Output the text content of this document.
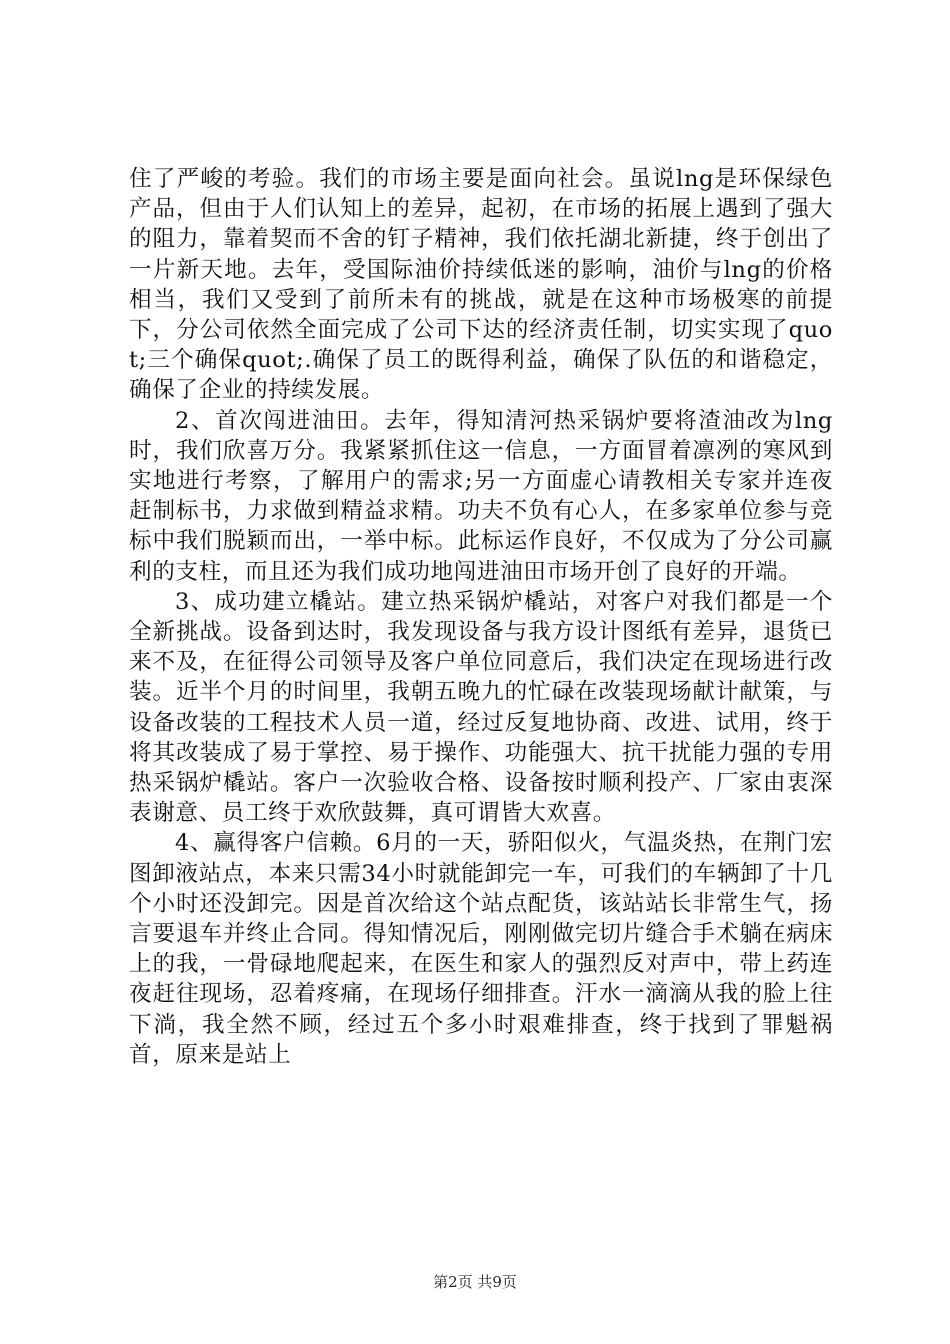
住了严峻的考验。我们的市场主要是面向社会。虽说lng是环保绿色产品，但由于人们认知上的差异，起初，在市场的拓展上遇到了强大的阻力，靠着契而不舍的钉子精神，我们依托湖北新捷，终于创出了一片新天地。去年，受国际油价持续低迷的影响，油价与lng的价格相当，我们又受到了前所未有的挑战，就是在这种市场极寒的前提下，分公司依然全面完成了公司下达的经济责任制，切实实现了quot;三个确保quot;.确保了员工的既得利益，确保了队伍的和谐稳定，确保了企业的持续发展。

2、首次闯进油田。去年，得知清河热采锅炉要将渣油改为lng时，我们欣喜万分。我紧紧抓住这一信息，一方面冒着凛冽的寒风到实地进行考察，了解用户的需求;另一方面虚心请教相关专家并连夜赶制标书，力求做到精益求精。功夫不负有心人，在多家单位参与竞标中我们脱颖而出，一举中标。此标运作良好，不仅成为了分公司赢利的支柱，而且还为我们成功地闯进油田市场开创了良好的开端。

3、成功建立橇站。建立热采锅炉橇站，对客户对我们都是一个全新挑战。设备到达时，我发现设备与我方设计图纸有差异，退货已来不及，在征得公司领导及客户单位同意后，我们决定在现场进行改装。近半个月的时间里，我朝五晚九的忙碌在改装现场献计献策，与设备改装的工程技术人员一道，经过反复地协商、改进、试用，终于将其改装成了易于掌控、易于操作、功能强大、抗干扰能力强的专用热采锅炉橇站。客户一次验收合格、设备按时顺利投产、厂家由衷深表谢意、员工终于欢欣鼓舞，真可谓皆大欢喜。

4、赢得客户信赖。6月的一天，骄阳似火，气温炎热，在荆门宏图卸液站点，本来只需34小时就能卸完一车，可我们的车辆卸了十几个小时还没卸完。因是首次给这个站点配货，该站站长非常生气，扬言要退车并终止合同。得知情况后，刚刚做完切片缝合手术躺在病床上的我，一骨碌地爬起来，在医生和家人的强烈反对声中，带上药连夜赶往现场，忍着疼痛，在现场仔细排查。汗水一滴滴从我的脸上往下淌，我全然不顾，经过五个多小时艰难排查，终于找到了罪魁祸首，原来是站上

第2页 共9页
